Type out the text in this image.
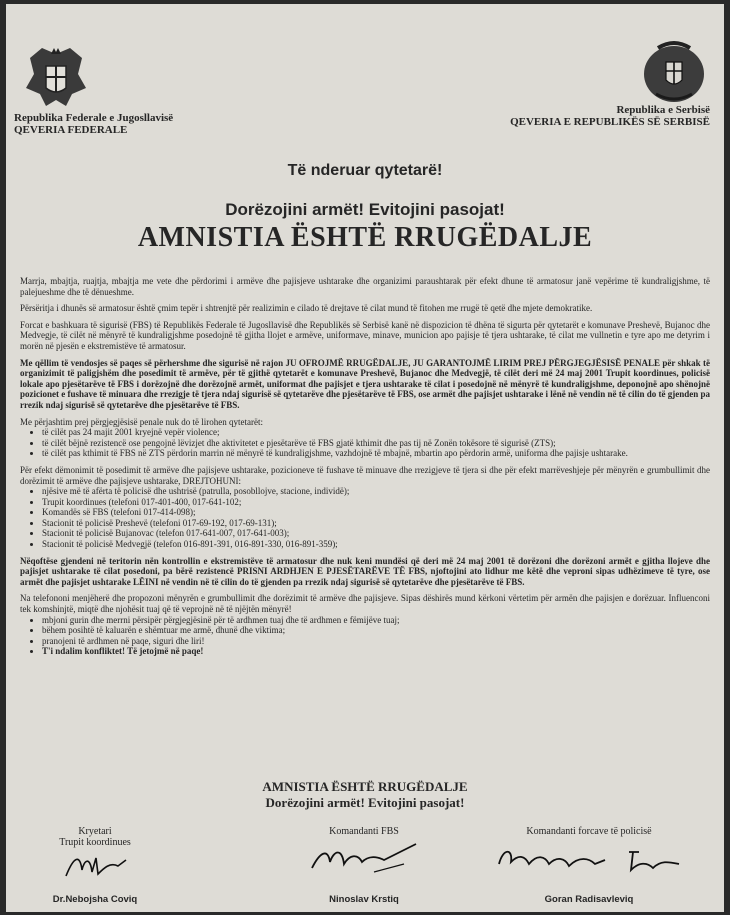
Republika Federale e Jugosllavisë
QEVERIA FEDERALE
Republika e Serbisë
QEVERIA E REPUBLIKËS SË SERBISË
Të nderuar qytetarë!
Dorëzojini armët! Evitojini pasojat!
AMNISTIA ËSHTË RRUGËDALJE

Marrja, mbajtja, ruajtja, mbajtja me vete dhe përdorimi i armëve dhe pajisjeve ushtarake dhe organizimi paraushtarak për efekt dhune të armatosur janë vepërime të kundraligjshme, të palejueshme dhe të dënueshme.

Përsëritja i dhunës së armatosur është çmim tepër i shtrenjtë për realizimin e cilado të drejtave të cilat mund të fitohen me rrugë të qetë dhe mjete demokratike.

Forcat e bashkuara të sigurisë (FBS) të Republikës Federale të Jugosllavisë dhe Republikës së Serbisë kanë në dispozicion të dhëna të sigurta për qytetarët e komunave Preshevë, Bujanoc dhe Medvegje, të cilët në mënyrë të kundraligjshme posedojnë të gjitha llojet e armëve, uniformave, minave, municion apo pajisje të tjera ushtarake, të cilat me vullnetin e tyre apo me detyrim i morën në pjesën e ekstremistëve të armatosur.

Me qëllim të vendosjes së paqes së përhershme dhe sigurisë në rajon JU OFROJMË RRUGËDALJE, JU GARANTOJMË LIRIM PREJ PËRGJEGJËSISË PENALE për shkak të organizimit të paligjshëm dhe posedimit të armëve, për të gjithë qytetarët e komunave Preshevë, Bujanoc dhe Medvegjë, të cilët deri më 24 maj 2001 Trupit koordinues, policisë lokale apo pjesëtarëve të FBS i dorëzojnë dhe dorëzojnë armët, uniformat dhe pajisjet e tjera ushtarake të cilat i posedojnë në mënyrë të kundraligjshme, deponojnë apo shënojnë pozicionet e fushave të minuara dhe rrezigje të tjera ndaj sigurisë së qytetarëve dhe pjesëtarëve të FBS, ose armët dhe pajisjet ushtarake i lënë në vendin në të cilin do të gjenden pa rrezik ndaj sigurisë së qytetarëve dhe pjesëtarëve të FBS.

Me përjashtim prej përgjegjësisë penale nuk do të lirohen qytetarët:

• të cilët pas 24 majit 2001 kryejnë vepër violence;
• të cilët bëjnë rezistencë ose pengojnë lëvizjet dhe aktivitetet e pjesëtarëve të FBS gjatë kthimit dhe pas tij në Zonën tokësore të sigurisë (ZTS);
• të cilët pas kthimit të FBS në ZTS përdorin marrin në mënyrë të kundraligjshme, vazhdojnë të mbajnë, mbartin apo përdorin armë, uniforma dhe pajisje ushtarake.

Për efekt dëmonimit të posedimit të armëve dhe pajisjeve ushtarake, pozicioneve të fushave të minuave dhe rrezigjeve të tjera si dhe për efekt marrëveshjeje për mënyrën e grumbullimit dhe dorëzimit të armëve dhe pajisjeve ushtarake, DREJTOHUNI:

• njësive më të afërta të policisë dhe ushtrisë (patrulla, posobllojve, stacione, individë);
• Trupit koordinues (telefoni 017-401-400, 017-641-102;
• Komandës së FBS (telefoni 017-414-098);
• Stacionit të policisë Preshevë (telefoni 017-69-192, 017-69-131);
• Stacionit të policisë Bujanovac (telefon 017-641-007, 017-641-003);
• Stacionit të policisë Medvegjë (telefon 016-891-391, 016-891-330, 016-891-359);

Nëqoftëse gjendeni në teritorin nën kontrollin e ekstremistëve të armatosur dhe nuk keni mundësi që deri më 24 maj 2001 të dorëzoni dhe dorëzoni armët e gjitha llojeve dhe pajisjet ushtarake të cilat posedoni, pa bërë rezistencë PRISNI ARDHJEN E PJESËTARËVE TË FBS, njoftojini ato lidhur me këtë dhe veproni sipas udhëzimeve të tyre, ose armët dhe pajisjet ushtarake LËINI në vendin në të cilin do të gjenden pa rrezik ndaj sigurisë së qytetarëve dhe pjesëtarëve të FBS.

Na telefononi menjëherë dhe propozoni mënyrën e grumbullimit dhe dorëzimit të armëve dhe pajisjeve. Sipas dëshirës mund kërkoni vërtetim për armën dhe pajisjen e dorëzuar. Influenconi tek komshinjtë, miqtë dhe njohësit tuaj që të veprojnë në të njëjtën mënyrë!

• mbjoni gurin dhe merrni përsipër përgjegjësinë për të ardhmen tuaj dhe të ardhmen e fëmijëve tuaj;
• bëhem posihtë të kaluarën e shëmtuar me armë, dhunë dhe viktima;
• pranojeni të ardhmen në paqe, siguri dhe liri!
• T'i ndalim konfliktet! Të jetojmë në paqe!
AMNISTIA ËSHTË RRUGËDALJE
Dorëzojini armët! Evitojini pasojat!
Kryetari
Trupit koordinues
Dr.Nebojsha Coviq
Komandanti FBS
Ninoslav Krstiq
Komandanti forcave të policisë
Goran Radisavleviq
